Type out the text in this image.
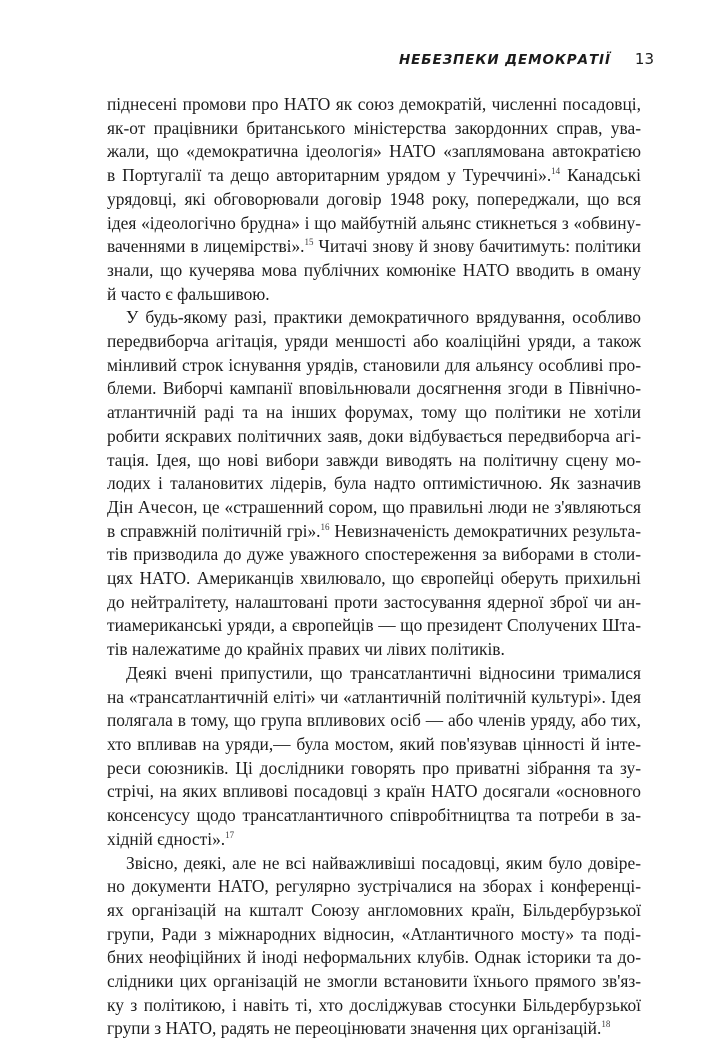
НЕБЕЗПЕКИ ДЕМОКРАТІЇ 13
піднесені промови про НАТО як союз демократій, численні посадовці,
як-от працівники британського міністерства закордонних справ, ува-
жали, що «демократична ідеологія» НАТО «заплямована автократією
в Португалії та дещо авторитарним урядом у Туреччині».$^{14}$ Канадські
урядовці, які обговорювали договір 1948 року, попереджали, що вся
ідея «ідеологічно брудна» і що майбутній альянс стикнеться з «обвину-
ваченнями в лицемірстві».$^{15}$ Читачі знову й знову бачитимуть: політики
знали, що кучерява мова публічних комюніке НАТО вводить в оману
й часто є фальшивою.
У будь-якому разі, практики демократичного врядування, особливо
передвиборча агітація, уряди меншості або коаліційні уряди, а також
мінливий строк існування урядів, становили для альянсу особливі про-
блеми. Виборчі кампанії вповільнювали досягнення згоди в Північно-
атлантичній раді та на інших форумах, тому що політики не хотіли
робити яскравих політичних заяв, доки відбувається передвиборча агі-
тація. Ідея, що нові вибори завжди виводять на політичну сцену мо-
лодих і талановитих лідерів, була надто оптимістичною. Як зазначив
Дін Ачесон, це «страшенний сором, що правильні люди не з'являються
в справжній політичній грі».$^{16}$ Невизначеність демократичних результа-
тів призводила до дуже уважного спостереження за виборами в столи-
цях НАТО. Американців хвилювало, що європейці оберуть прихильні
до нейтралітету, налаштовані проти застосування ядерної зброї чи ан-
тиамериканські уряди, а європейців — що президент Сполучених Шта-
тів належатиме до крайніх правих чи лівих політиків.
Деякі вчені припустили, що трансатлантичні відносини трималися
на «трансатлантичній еліті» чи «атлантичній політичній культурі». Ідея
полягала в тому, що група впливових осіб — або членів уряду, або тих,
хто впливав на уряди,— була мостом, який пов'язував цінності й інте-
реси союзників. Ці дослідники говорять про приватні зібрання та зу-
стрічі, на яких впливові посадовці з країн НАТО досягали «основного
консенсусу щодо трансатлантичного співробітництва та потреби в за-
хідній єдності».$^{17}$
Звісно, деякі, але не всі найважливіші посадовці, яким було довіре-
но документи НАТО, регулярно зустрічалися на зборах і конференці-
ях організацій на кшталт Союзу англомовних країн, Більдербурзької
групи, Ради з міжнародних відносин, «Атлантичного мосту» та поді-
бних неофіційних й іноді неформальних клубів. Однак історики та до-
слідники цих організацій не змогли встановити їхнього прямого зв'яз-
ку з політикою, і навіть ті, хто досліджував стосунки Більдербурзької
групи з НАТО, радять не переоцінювати значення цих організацій.$^{18}$
